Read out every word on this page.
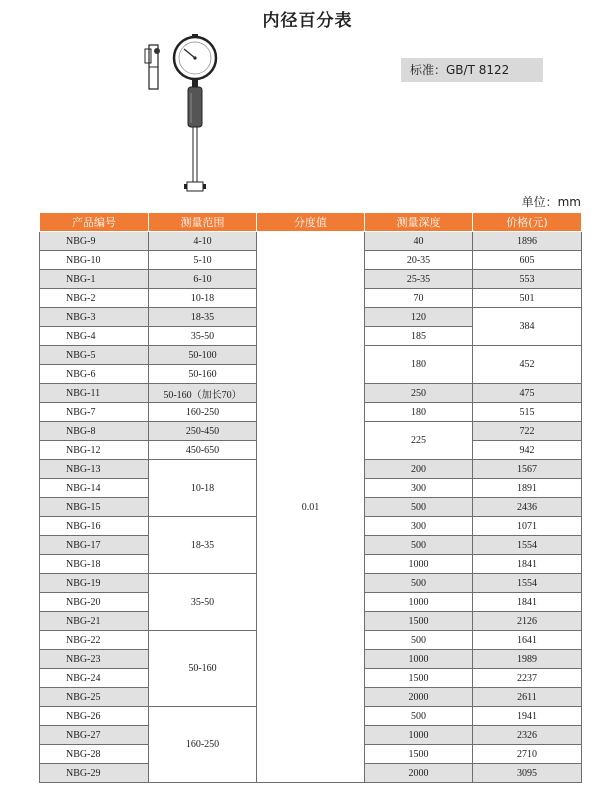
内径百分表
标准：GB/T 8122
单位：mm
产品编号	测量范围	分度值	测量深度	价格(元)
NBG-9	4-10	0.01	40	1896
NBG-10	5-10		20-35	605
NBG-1	6-10		25-35	553
NBG-2	10-18		70	501
NBG-3	18-35		120	384
NBG-4	35-50		185	
NBG-5	50-100		180	452
NBG-6	50-160			
NBG-11	50-160（加长70）		250	475
NBG-7	160-250		180	515
NBG-8	250-450		225	722
NBG-12	450-650			942
NBG-13	10-18		200	1567
NBG-14			300	1891
NBG-15			500	2436
NBG-16	18-35		300	1071
NBG-17			500	1554
NBG-18			1000	1841
NBG-19	35-50		500	1554
NBG-20			1000	1841
NBG-21			1500	2126
NBG-22	50-160		500	1641
NBG-23			1000	1989
NBG-24			1500	2237
NBG-25			2000	2611
NBG-26	160-250		500	1941
NBG-27			1000	2326
NBG-28			1500	2710
NBG-29			2000	3095
